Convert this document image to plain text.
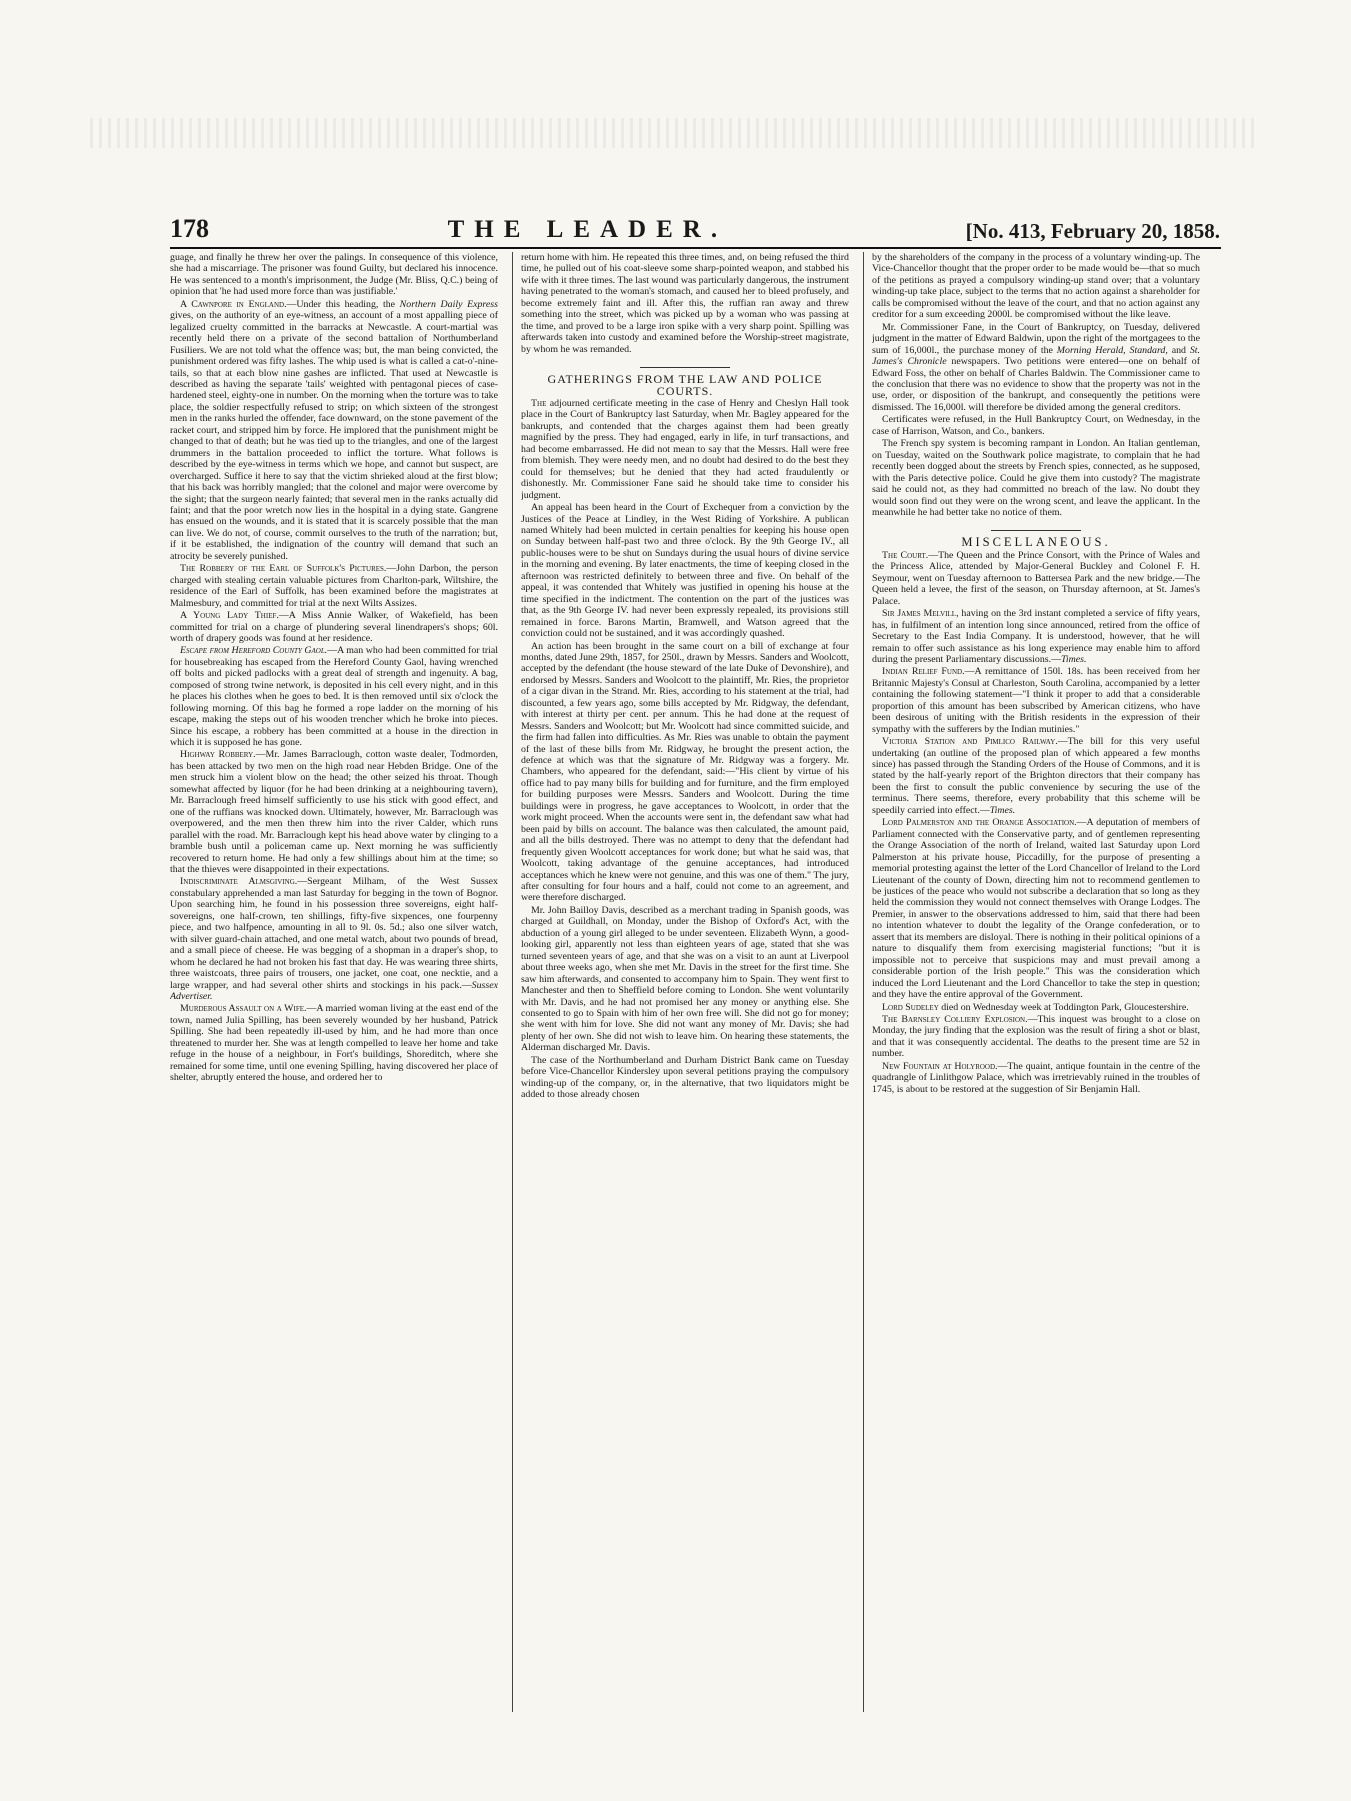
178	THE LEADER.	[No. 413, February 20, 1858.

guage, and finally he threw her over the palings. In consequence of this violence, she had a miscarriage. The prisoner was found Guilty, but declared his innocence. He was sentenced to a month's imprisonment, the Judge (Mr. Bliss, Q.C.) being of opinion that 'he had used more force than was justifiable.'

A Cawnpore in England.—Under this heading, the Northern Daily Express gives, on the authority of an eye-witness, an account of a most appalling piece of legalized cruelty committed in the barracks at Newcastle. A court-martial was recently held there on a private of the second battalion of Northumberland Fusiliers. We are not told what the offence was; but, the man being convicted, the punishment ordered was fifty lashes. The whip used is what is called a cat-o'-nine-tails, so that at each blow nine gashes are inflicted. That used at Newcastle is described as having the separate 'tails' weighted with pentagonal pieces of case-hardened steel, eighty-one in number. On the morning when the torture was to take place, the soldier respectfully refused to strip; on which sixteen of the strongest men in the ranks hurled the offender, face downward, on the stone pavement of the racket court, and stripped him by force. He implored that the punishment might be changed to that of death; but he was tied up to the triangles, and one of the largest drummers in the battalion proceeded to inflict the torture. What follows is described by the eye-witness in terms which we hope, and cannot but suspect, are overcharged. Suffice it here to say that the victim shrieked aloud at the first blow; that his back was horribly mangled; that the colonel and major were overcome by the sight; that the surgeon nearly fainted; that several men in the ranks actually did faint; and that the poor wretch now lies in the hospital in a dying state. Gangrene has ensued on the wounds, and it is stated that it is scarcely possible that the man can live. We do not, of course, commit ourselves to the truth of the narration; but, if it be established, the indignation of the country will demand that such an atrocity be severely punished.

The Robbery of the Earl of Suffolk's Pictures.—John Darbon, the person charged with stealing certain valuable pictures from Charlton-park, Wiltshire, the residence of the Earl of Suffolk, has been examined before the magistrates at Malmesbury, and committed for trial at the next Wilts Assizes.

A Young Lady Thief.—A Miss Annie Walker, of Wakefield, has been committed for trial on a charge of plundering several linendrapers's shops; 60l. worth of drapery goods was found at her residence.

Escape from Hereford County Gaol.—A man who had been committed for trial for housebreaking has escaped from the Hereford County Gaol, having wrenched off bolts and picked padlocks with a great deal of strength and ingenuity. A bag, composed of strong twine network, is deposited in his cell every night, and in this he places his clothes when he goes to bed. It is then removed until six o'clock the following morning. Of this bag he formed a rope ladder on the morning of his escape, making the steps out of his wooden trencher which he broke into pieces. Since his escape, a robbery has been committed at a house in the direction in which it is supposed he has gone.

Highway Robbery.—Mr. James Barraclough, cotton waste dealer, Todmorden, has been attacked by two men on the high road near Hebden Bridge. One of the men struck him a violent blow on the head; the other seized his throat. Though somewhat affected by liquor (for he had been drinking at a neighbouring tavern), Mr. Barraclough freed himself sufficiently to use his stick with good effect, and one of the ruffians was knocked down. Ultimately, however, Mr. Barraclough was overpowered, and the men then threw him into the river Calder, which runs parallel with the road. Mr. Barraclough kept his head above water by clinging to a bramble bush until a policeman came up. Next morning he was sufficiently recovered to return home. He had only a few shillings about him at the time; so that the thieves were disappointed in their expectations.

Indiscriminate Almsgiving.—Sergeant Milham, of the West Sussex constabulary apprehended a man last Saturday for begging in the town of Bognor. Upon searching him, he found in his possession three sovereigns, eight half-sovereigns, one half-crown, ten shillings, fifty-five sixpences, one fourpenny piece, and two halfpence, amounting in all to 9l. 0s. 5d.; also one silver watch, with silver guard-chain attached, and one metal watch, about two pounds of bread, and a small piece of cheese. He was begging of a shopman in a draper's shop, to whom he declared he had not broken his fast that day. He was wearing three shirts, three waistcoats, three pairs of trousers, one jacket, one coat, one necktie, and a large wrapper, and had several other shirts and stockings in his pack.—Sussex Advertiser.

Murderous Assault on a Wife.—A married woman living at the east end of the town, named Julia Spilling, has been severely wounded by her husband, Patrick Spilling. She had been repeatedly ill-used by him, and he had more than once threatened to murder her. She was at length compelled to leave her home and take refuge in the house of a neighbour, in Fort's buildings, Shoreditch, where she remained for some time, until one evening Spilling, having discovered her place of shelter, abruptly entered the house, and ordered her to

return home with him. He repeated this three times, and, on being refused the third time, he pulled out of his coat-sleeve some sharp-pointed weapon, and stabbed his wife with it three times. The last wound was particularly dangerous, the instrument having penetrated to the woman's stomach, and caused her to bleed profusely, and become extremely faint and ill. After this, the ruffian ran away and threw something into the street, which was picked up by a woman who was passing at the time, and proved to be a large iron spike with a very sharp point. Spilling was afterwards taken into custody and examined before the Worship-street magistrate, by whom he was remanded.

GATHERINGS FROM THE LAW AND POLICE COURTS.

The adjourned certificate meeting in the case of Henry and Cheslyn Hall took place in the Court of Bankruptcy last Saturday, when Mr. Bagley appeared for the bankrupts, and contended that the charges against them had been greatly magnified by the press. They had engaged, early in life, in turf transactions, and had become embarrassed. He did not mean to say that the Messrs. Hall were free from blemish. They were needy men, and no doubt had desired to do the best they could for themselves; but he denied that they had acted fraudulently or dishonestly. Mr. Commissioner Fane said he should take time to consider his judgment.

An appeal has been heard in the Court of Exchequer from a conviction by the Justices of the Peace at Lindley, in the West Riding of Yorkshire. A publican named Whitely had been mulcted in certain penalties for keeping his house open on Sunday between half-past two and three o'clock. By the 9th George IV., all public-houses were to be shut on Sundays during the usual hours of divine service in the morning and evening. By later enactments, the time of keeping closed in the afternoon was restricted definitely to between three and five. On behalf of the appeal, it was contended that Whitely was justified in opening his house at the time specified in the indictment. The contention on the part of the justices was that, as the 9th George IV. had never been expressly repealed, its provisions still remained in force. Barons Martin, Bramwell, and Watson agreed that the conviction could not be sustained, and it was accordingly quashed.

An action has been brought in the same court on a bill of exchange at four months, dated June 29th, 1857, for 250l., drawn by Messrs. Sanders and Woolcott, accepted by the defendant (the house steward of the late Duke of Devonshire), and endorsed by Messrs. Sanders and Woolcott to the plaintiff, Mr. Ries, the proprietor of a cigar divan in the Strand. Mr. Ries, according to his statement at the trial, had discounted, a few years ago, some bills accepted by Mr. Ridgway, the defendant, with interest at thirty per cent. per annum. This he had done at the request of Messrs. Sanders and Woolcott; but Mr. Woolcott had since committed suicide, and the firm had fallen into difficulties. As Mr. Ries was unable to obtain the payment of the last of these bills from Mr. Ridgway, he brought the present action, the defence at which was that the signature of Mr. Ridgway was a forgery. Mr. Chambers, who appeared for the defendant, said:—"His client by virtue of his office had to pay many bills for building and for furniture, and the firm employed for building purposes were Messrs. Sanders and Woolcott. During the time buildings were in progress, he gave acceptances to Woolcott, in order that the work might proceed. When the accounts were sent in, the defendant saw what had been paid by bills on account. The balance was then calculated, the amount paid, and all the bills destroyed. There was no attempt to deny that the defendant had frequently given Woolcott acceptances for work done; but what he said was, that Woolcott, taking advantage of the genuine acceptances, had introduced acceptances which he knew were not genuine, and this was one of them." The jury, after consulting for four hours and a half, could not come to an agreement, and were therefore discharged.

Mr. John Bailloy Davis, described as a merchant trading in Spanish goods, was charged at Guildhall, on Monday, under the Bishop of Oxford's Act, with the abduction of a young girl alleged to be under seventeen. Elizabeth Wynn, a good-looking girl, apparently not less than eighteen years of age, stated that she was turned seventeen years of age, and that she was on a visit to an aunt at Liverpool about three weeks ago, when she met Mr. Davis in the street for the first time. She saw him afterwards, and consented to accompany him to Spain. They went first to Manchester and then to Sheffield before coming to London. She went voluntarily with Mr. Davis, and he had not promised her any money or anything else. She consented to go to Spain with him of her own free will. She did not go for money; she went with him for love. She did not want any money of Mr. Davis; she had plenty of her own. She did not wish to leave him. On hearing these statements, the Alderman discharged Mr. Davis.

The case of the Northumberland and Durham District Bank came on Tuesday before Vice-Chancellor Kindersley upon several petitions praying the compulsory winding-up of the company, or, in the alternative, that two liquidators might be added to those already chosen

by the shareholders of the company in the process of a voluntary winding-up. The Vice-Chancellor thought that the proper order to be made would be—that so much of the petitions as prayed a compulsory winding-up stand over; that a voluntary winding-up take place, subject to the terms that no action against a shareholder for calls be compromised without the leave of the court, and that no action against any creditor for a sum exceeding 2000l. be compromised without the like leave.

Mr. Commissioner Fane, in the Court of Bankruptcy, on Tuesday, delivered judgment in the matter of Edward Baldwin, upon the right of the mortgagees to the sum of 16,000l., the purchase money of the Morning Herald, Standard, and St. James's Chronicle newspapers. Two petitions were entered—one on behalf of Edward Foss, the other on behalf of Charles Baldwin. The Commissioner came to the conclusion that there was no evidence to show that the property was not in the use, order, or disposition of the bankrupt, and consequently the petitions were dismissed. The 16,000l. will therefore be divided among the general creditors.

Certificates were refused, in the Hull Bankruptcy Court, on Wednesday, in the case of Harrison, Watson, and Co., bankers.

The French spy system is becoming rampant in London. An Italian gentleman, on Tuesday, waited on the Southwark police magistrate, to complain that he had recently been dogged about the streets by French spies, connected, as he supposed, with the Paris detective police. Could he give them into custody? The magistrate said he could not, as they had committed no breach of the law. No doubt they would soon find out they were on the wrong scent, and leave the applicant. In the meanwhile he had better take no notice of them.

MISCELLANEOUS.

The Court.—The Queen and the Prince Consort, with the Prince of Wales and the Princess Alice, attended by Major-General Buckley and Colonel F. H. Seymour, went on Tuesday afternoon to Battersea Park and the new bridge.—The Queen held a levee, the first of the season, on Thursday afternoon, at St. James's Palace.

Sir James Melvill, having on the 3rd instant completed a service of fifty years, has, in fulfilment of an intention long since announced, retired from the office of Secretary to the East India Company. It is understood, however, that he will remain to offer such assistance as his long experience may enable him to afford during the present Parliamentary discussions.—Times.

Indian Relief Fund.—A remittance of 150l. 18s. has been received from her Britannic Majesty's Consul at Charleston, South Carolina, accompanied by a letter containing the following statement—"I think it proper to add that a considerable proportion of this amount has been subscribed by American citizens, who have been desirous of uniting with the British residents in the expression of their sympathy with the sufferers by the Indian mutinies."

Victoria Station and Pimlico Railway.—The bill for this very useful undertaking (an outline of the proposed plan of which appeared a few months since) has passed through the Standing Orders of the House of Commons, and it is stated by the half-yearly report of the Brighton directors that their company has been the first to consult the public convenience by securing the use of the terminus. There seems, therefore, every probability that this scheme will be speedily carried into effect.—Times.

Lord Palmerston and the Orange Association.—A deputation of members of Parliament connected with the Conservative party, and of gentlemen representing the Orange Association of the north of Ireland, waited last Saturday upon Lord Palmerston at his private house, Piccadilly, for the purpose of presenting a memorial protesting against the letter of the Lord Chancellor of Ireland to the Lord Lieutenant of the county of Down, directing him not to recommend gentlemen to be justices of the peace who would not subscribe a declaration that so long as they held the commission they would not connect themselves with Orange Lodges. The Premier, in answer to the observations addressed to him, said that there had been no intention whatever to doubt the legality of the Orange confederation, or to assert that its members are disloyal. There is nothing in their political opinions of a nature to disqualify them from exercising magisterial functions; "but it is impossible not to perceive that suspicions may and must prevail among a considerable portion of the Irish people." This was the consideration which induced the Lord Lieutenant and the Lord Chancellor to take the step in question; and they have the entire approval of the Government.

Lord Sudeley died on Wednesday week at Toddington Park, Gloucestershire.

The Barnsley Colliery Explosion.—This inquest was brought to a close on Monday, the jury finding that the explosion was the result of firing a shot or blast, and that it was consequently accidental. The deaths to the present time are 52 in number.

New Fountain at Holyrood.—The quaint, antique fountain in the centre of the quadrangle of Linlithgow Palace, which was irretrievably ruined in the troubles of 1745, is about to be restored at the suggestion of Sir Benjamin Hall.
